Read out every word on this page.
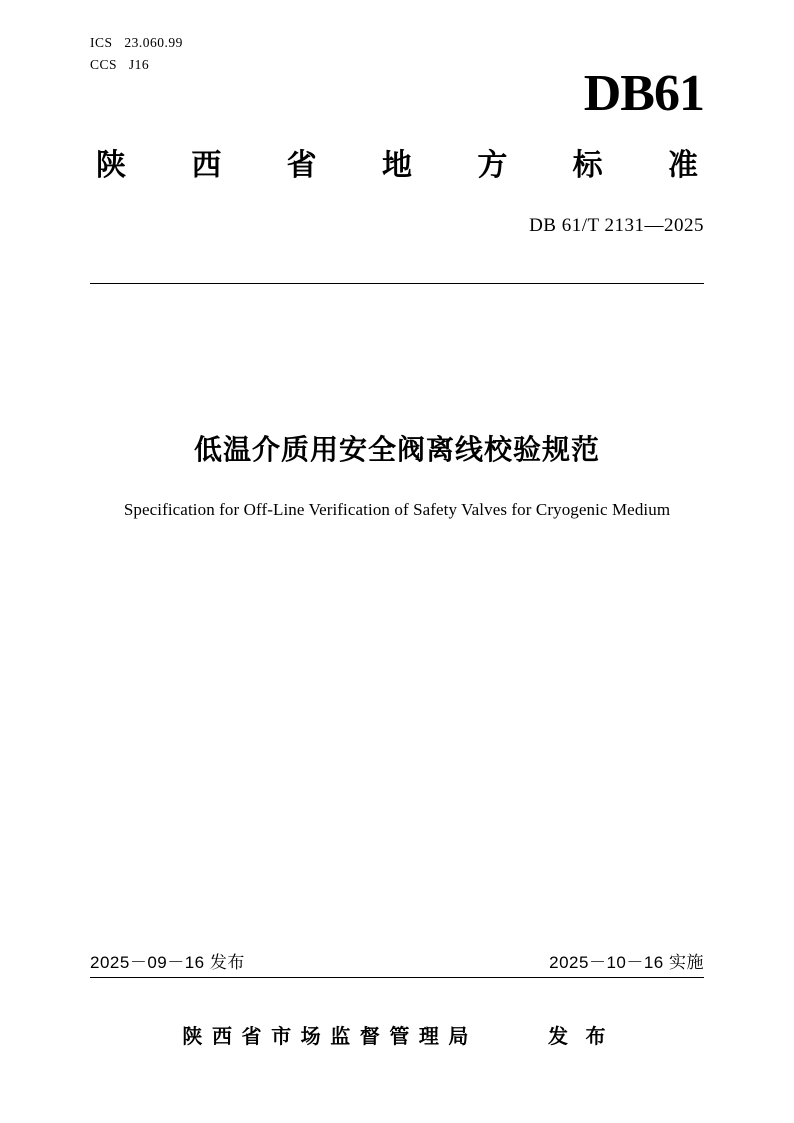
ICS 23.060.99
CCS J16
DB61
陕 西 省 地 方 标 准
DB 61/T 2131—2025
低温介质用安全阀离线校验规范
Specification for Off-Line Verification of Safety Valves for Cryogenic Medium
2025－09－16 发布	2025－10－16 实施
陕 西 省 市 场 监 督 管 理 局	发 布
